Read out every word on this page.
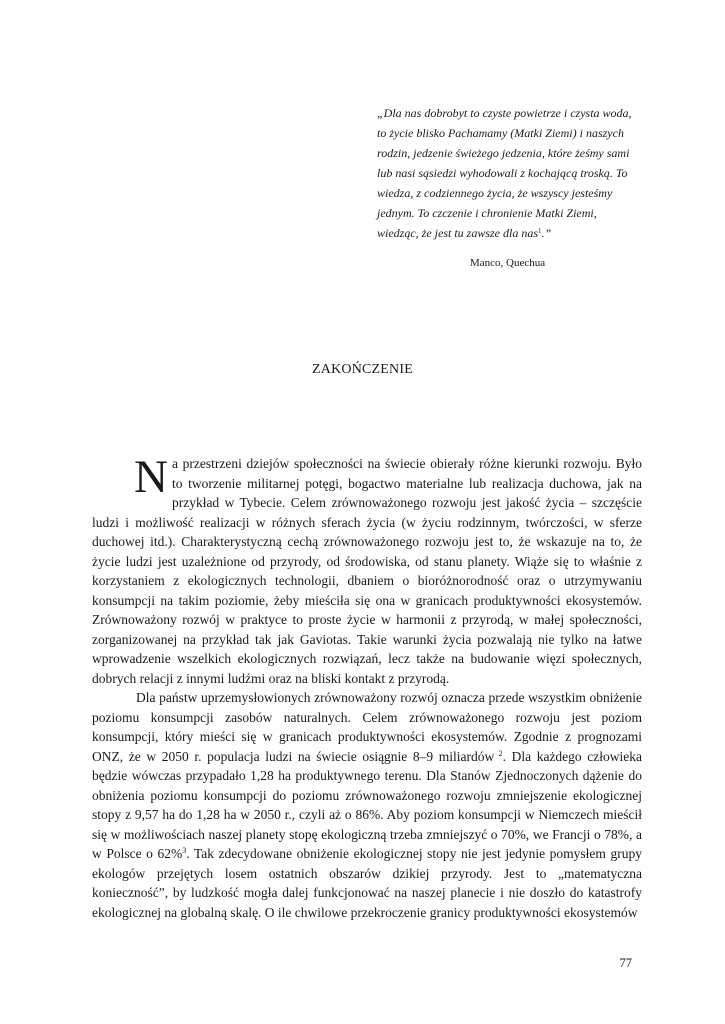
„Dla nas dobrobyt to czyste powietrze i czysta woda, to życie blisko Pachamamy (Matki Ziemi) i naszych rodzin, jedzenie świeżego jedzenia, które żeśmy sami lub nasi sąsiedzi wyhodowali z kochającą troską. To wiedza, z codziennego życia, że wszyscy jesteśmy jednym. To czczenie i chronienie Matki Ziemi, wiedząc, że jest tu zawsze dla nas$^1$.”
Manco, Quechua
ZAKOŃCZENIE

Na przestrzeni dziejów społeczności na świecie obierały różne kierunki rozwoju. Było to tworzenie militarnej potęgi, bogactwo materialne lub realizacja duchowa, jak na przykład w Tybecie. Celem zrównoważonego rozwoju jest jakość życia – szczęście ludzi i możliwość realizacji w różnych sferach życia (w życiu rodzinnym, twórczości, w sferze duchowej itd.). Charakterystyczną cechą zrównoważonego rozwoju jest to, że wskazuje na to, że życie ludzi jest uzależnione od przyrody, od środowiska, od stanu planety. Wiąże się to właśnie z korzystaniem z ekologicznych technologii, dbaniem o bioróżnorodność oraz o utrzymywaniu konsumpcji na takim poziomie, żeby mieściła się ona w granicach produktywności ekosystemów. Zrównoważony rozwój w praktyce to proste życie w harmonii z przyrodą, w małej społeczności, zorganizowanej na przykład tak jak Gaviotas. Takie warunki życia pozwalają nie tylko na łatwe wprowadzenie wszelkich ekologicznych rozwiązań, lecz także na budowanie więzi społecznych, dobrych relacji z innymi ludźmi oraz na bliski kontakt z przyrodą.

Dla państw uprzemysłowionych zrównoważony rozwój oznacza przede wszystkim obniżenie poziomu konsumpcji zasobów naturalnych. Celem zrównoważonego rozwoju jest poziom konsumpcji, który mieści się w granicach produktywności ekosystemów. Zgodnie z prognozami ONZ, że w 2050 r. populacja ludzi na świecie osiągnie 8–9 miliardów $^2$. Dla każdego człowieka będzie wówczas przypadało 1,28 ha produktywnego terenu. Dla Stanów Zjednoczonych dążenie do obniżenia poziomu konsumpcji do poziomu zrównoważonego rozwoju zmniejszenie ekologicznej stopy z 9,57 ha do 1,28 ha w 2050 r., czyli aż o 86%. Aby poziom konsumpcji w Niemczech mieścił się w możliwościach naszej planety stopę ekologiczną trzeba zmniejszyć o 70%, we Francji o 78%, a w Polsce o 62%$^3$. Tak zdecydowane obniżenie ekologicznej stopy nie jest jedynie pomysłem grupy ekologów przejętych losem ostatnich obszarów dzikiej przyrody. Jest to „matematyczna konieczność”, by ludzkość mogła dalej funkcjonować na naszej planecie i nie doszło do katastrofy ekologicznej na globalną skalę. O ile chwilowe przekroczenie granicy produktywności ekosystemów

77
